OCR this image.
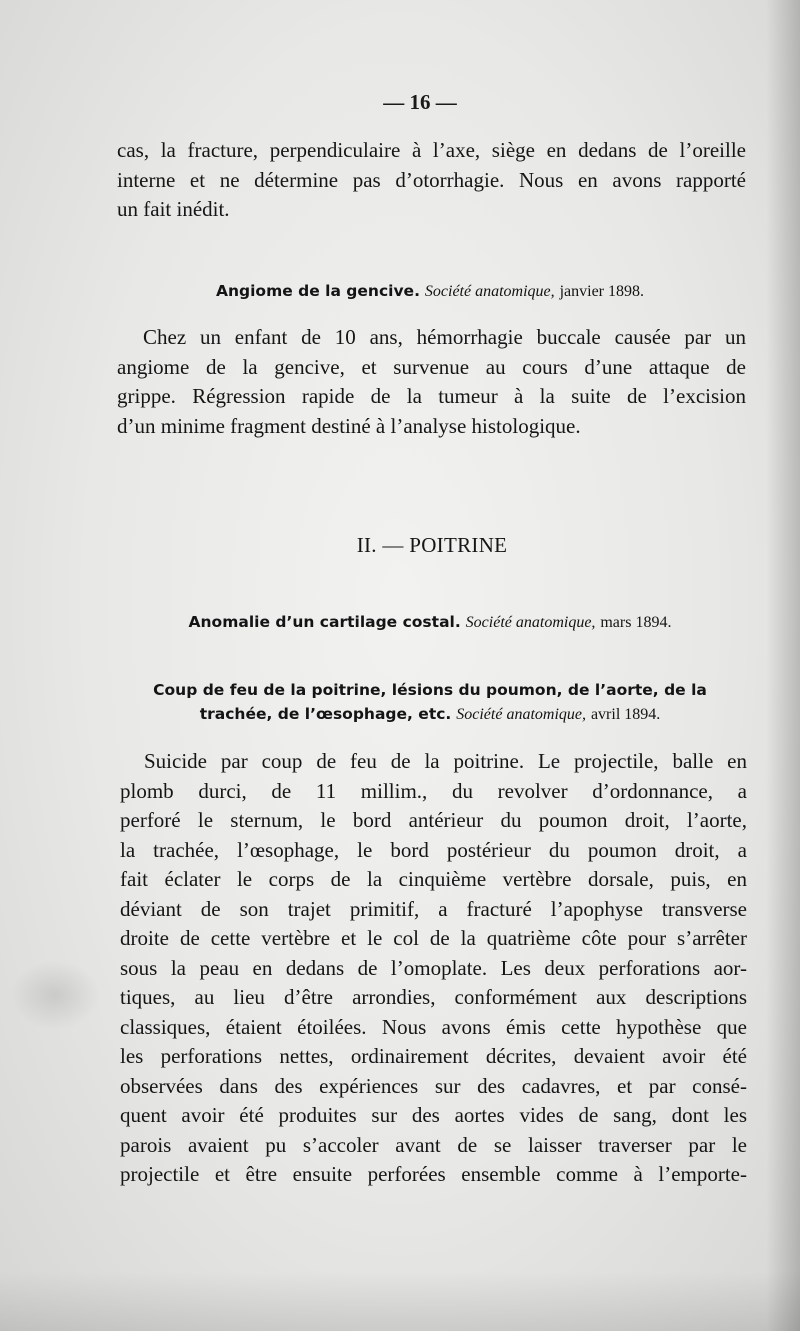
— 16 —
cas, la fracture, perpendiculaire à l’axe, siège en dedans de l’oreille
interne et ne détermine pas d’otorrhagie. Nous en avons rapporté
un fait inédit.
Angiome de la gencive. Société anatomique, janvier 1898.
Chez un enfant de 10 ans, hémorrhagie buccale causée par un
angiome de la gencive, et survenue au cours d’une attaque de
grippe. Régression rapide de la tumeur à la suite de l’excision
d’un minime fragment destiné à l’analyse histologique.
II. — POITRINE
Anomalie d’un cartilage costal. Société anatomique, mars 1894.
Coup de feu de la poitrine, lésions du poumon, de l’aorte, de la
trachée, de l’œsophage, etc. Société anatomique, avril 1894.
Suicide par coup de feu de la poitrine. Le projectile, balle en
plomb durci, de 11 millim., du revolver d’ordonnance, a
perforé le sternum, le bord antérieur du poumon droit, l’aorte,
la trachée, l’œsophage, le bord postérieur du poumon droit, a
fait éclater le corps de la cinquième vertèbre dorsale, puis, en
déviant de son trajet primitif, a fracturé l’apophyse transverse
droite de cette vertèbre et le col de la quatrième côte pour s’arrêter
sous la peau en dedans de l’omoplate. Les deux perforations aor-
tiques, au lieu d’être arrondies, conformément aux descriptions
classiques, étaient étoilées. Nous avons émis cette hypothèse que
les perforations nettes, ordinairement décrites, devaient avoir été
observées dans des expériences sur des cadavres, et par consé-
quent avoir été produites sur des aortes vides de sang, dont les
parois avaient pu s’accoler avant de se laisser traverser par le
projectile et être ensuite perforées ensemble comme à l’emporte-
